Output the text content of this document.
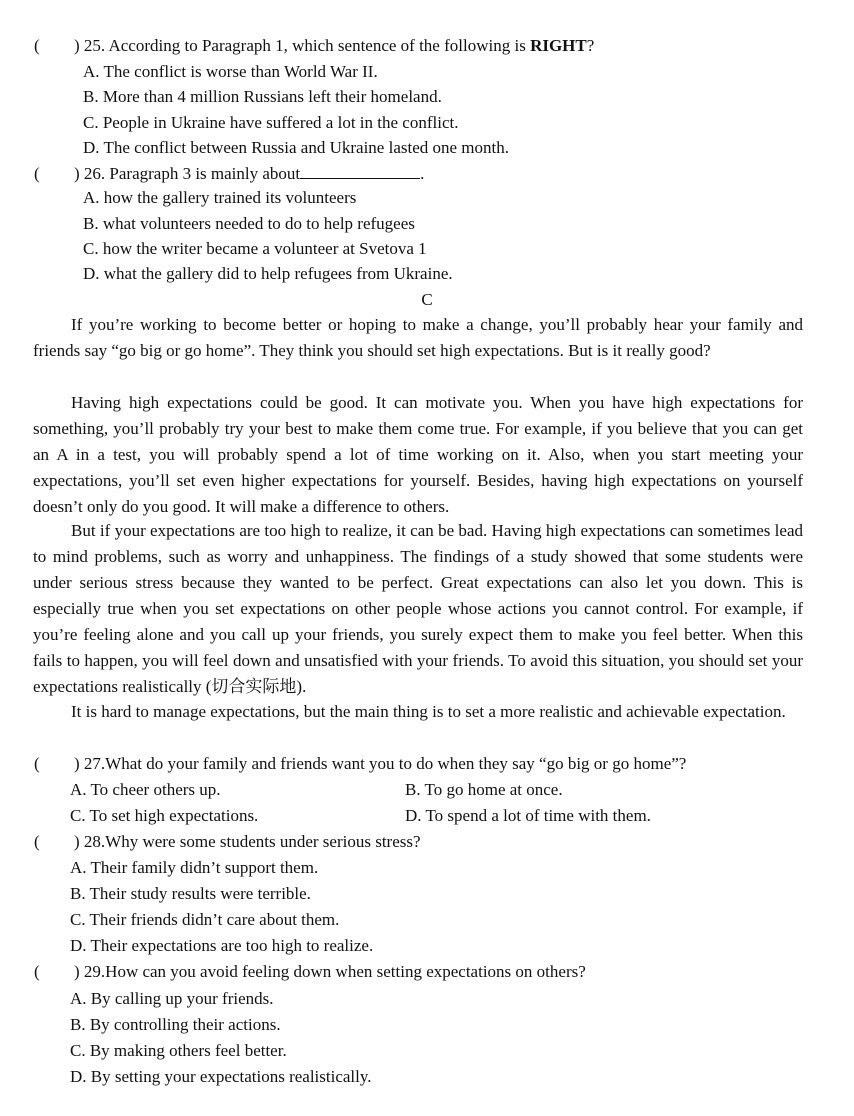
( ) 25. According to Paragraph 1, which sentence of the following is RIGHT?
A. The conflict is worse than World War II.
B. More than 4 million Russians left their homeland.
C. People in Ukraine have suffered a lot in the conflict.
D. The conflict between Russia and Ukraine lasted one month.
( ) 26. Paragraph 3 is mainly about	.
A. how the gallery trained its volunteers
B. what volunteers needed to do to help refugees
C. how the writer became a volunteer at Svetova 1
D. what the gallery did to help refugees from Ukraine.
C
If you’re working to become better or hoping to make a change, you’ll probably hear your family and friends say “go big or go home”. They think you should set high expectations. But is it really good?
Having high expectations could be good. It can motivate you. When you have high expectations for something, you’ll probably try your best to make them come true. For example, if you believe that you can get an A in a test, you will probably spend a lot of time working on it. Also, when you start meeting your expectations, you’ll set even higher expectations for yourself. Besides, having high expectations on yourself doesn’t only do you good. It will make a difference to others.
But if your expectations are too high to realize, it can be bad. Having high expectations can sometimes lead to mind problems, such as worry and unhappiness. The findings of a study showed that some students were under serious stress because they wanted to be perfect. Great expectations can also let you down. This is especially true when you set expectations on other people whose actions you cannot control. For example, if you’re feeling alone and you call up your friends, you surely expect them to make you feel better. When this fails to happen, you will feel down and unsatisfied with your friends. To avoid this situation, you should set your expectations realistically (切合实际地).
It is hard to manage expectations, but the main thing is to set a more realistic and achievable expectation.
( ) 27.What do your family and friends want you to do when they say “go big or go home”?
A. To cheer others up.	B. To go home at once.
C. To set high expectations.	D. To spend a lot of time with them.
( ) 28.Why were some students under serious stress?
A. Their family didn’t support them.
B. Their study results were terrible.
C. Their friends didn’t care about them.
D. Their expectations are too high to realize.
( ) 29.How can you avoid feeling down when setting expectations on others?
A. By calling up your friends.
B. By controlling their actions.
C. By making others feel better.
D. By setting your expectations realistically.
